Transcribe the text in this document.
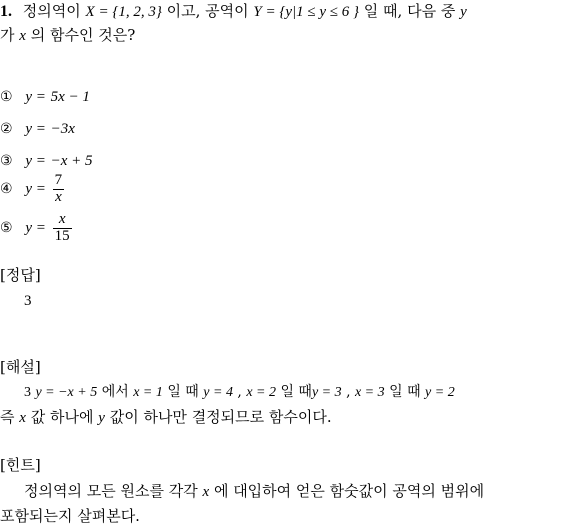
1. 정의역이 X = {1, 2, 3} 이고, 공역이 Y = {y|1 ≤ y ≤ 6 } 일 때, 다음 중 y
가 x 의 함수인 것은?
① y = 5x − 1
② y = −3x
③ y = −x + 5
④ $y = \frac{7}{x}$
⑤ $y = \frac{x}{15}$
[정답]
3
[해설]
3 y = −x + 5 에서 x = 1 일 때 y = 4 , x = 2 일 때y = 3 , x = 3 일 때 y = 2
즉 x 값 하나에 y 값이 하나만 결정되므로 함수이다.
[힌트]
정의역의 모든 원소를 각각 x 에 대입하여 얻은 함숫값이 공역의 범위에
포함되는지 살펴본다.
